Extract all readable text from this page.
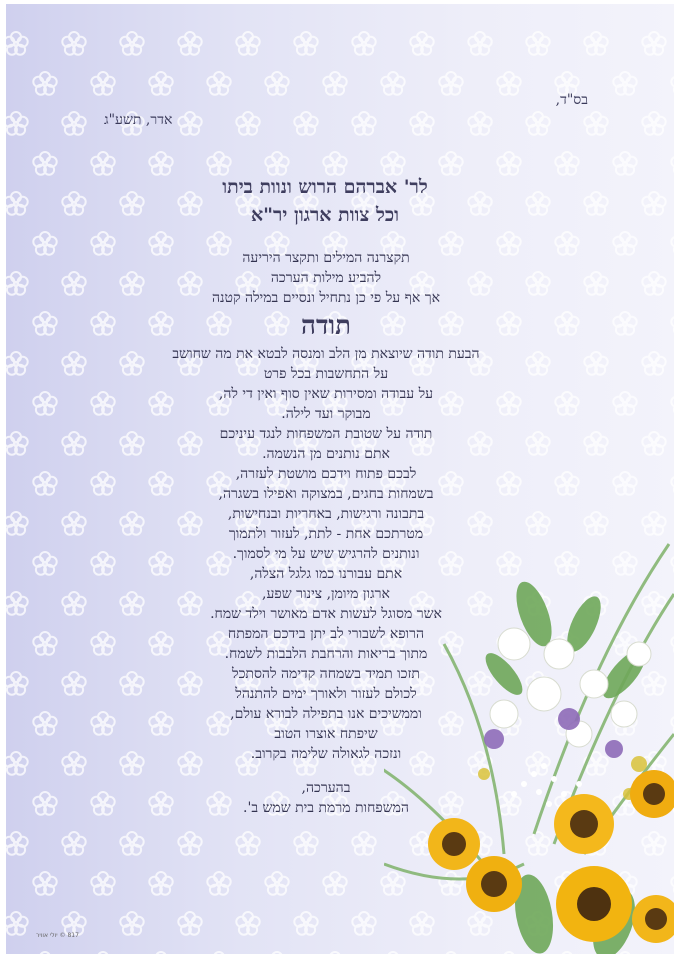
בס"ד,
אדר, תשע"ג
לר' אברהם הרוש ונוות ביתו
וכל צוות ארגון יר"א
תקצרנה המילים ותקצר היריעה
להביע מילות הערכה
אך אף על פי כן נתחיל ונסיים במילה קטנה
תודה
הבעת תודה שיוצאת מן הלב ומנסה לבטא את מה שחושב
על התחשבות בכל פרט
על עבודה ומסירות שאין סוף ואין די לה,
מבוקר ועד לילה.
תודה על שטובת המשפחות לנגד עיניכם
אתם נותנים מן הנשמה.
לבכם פתוח וידכם מושטת לעזרה,
בשמחות בחגים, במצוקה ואפילו בשגרה,
בתבונה ורגישות, באחריות ובנחישות,
מטרתכם אחת - לתת, לעזור ולתמוך
ונותנים להרגיש שיש על מי לסמוך.
אתם עבורנו כמו גלגל הצלה,
ארגון מיומן, צינור שפע,
אשר מסוגל לעשות אדם מאושר וילד שמח.
הרופא לשבורי לב יתן בידכם המפתח
מתוך בריאות והרחבת הלבבות לשמח.
תזכו תמיד בשמחה קדימה להסתכל
לכולם לעזור ולאורך ימים להתנהל
וממשיכים אנו בתפילה לבורא עולם,
שיפתח אוצרו הטוב
ונזכה לגאולה שלימה בקרוב.
בהערכה,
המשפחות מרמת בית שמש ב'.
817 © יולי אוויר
